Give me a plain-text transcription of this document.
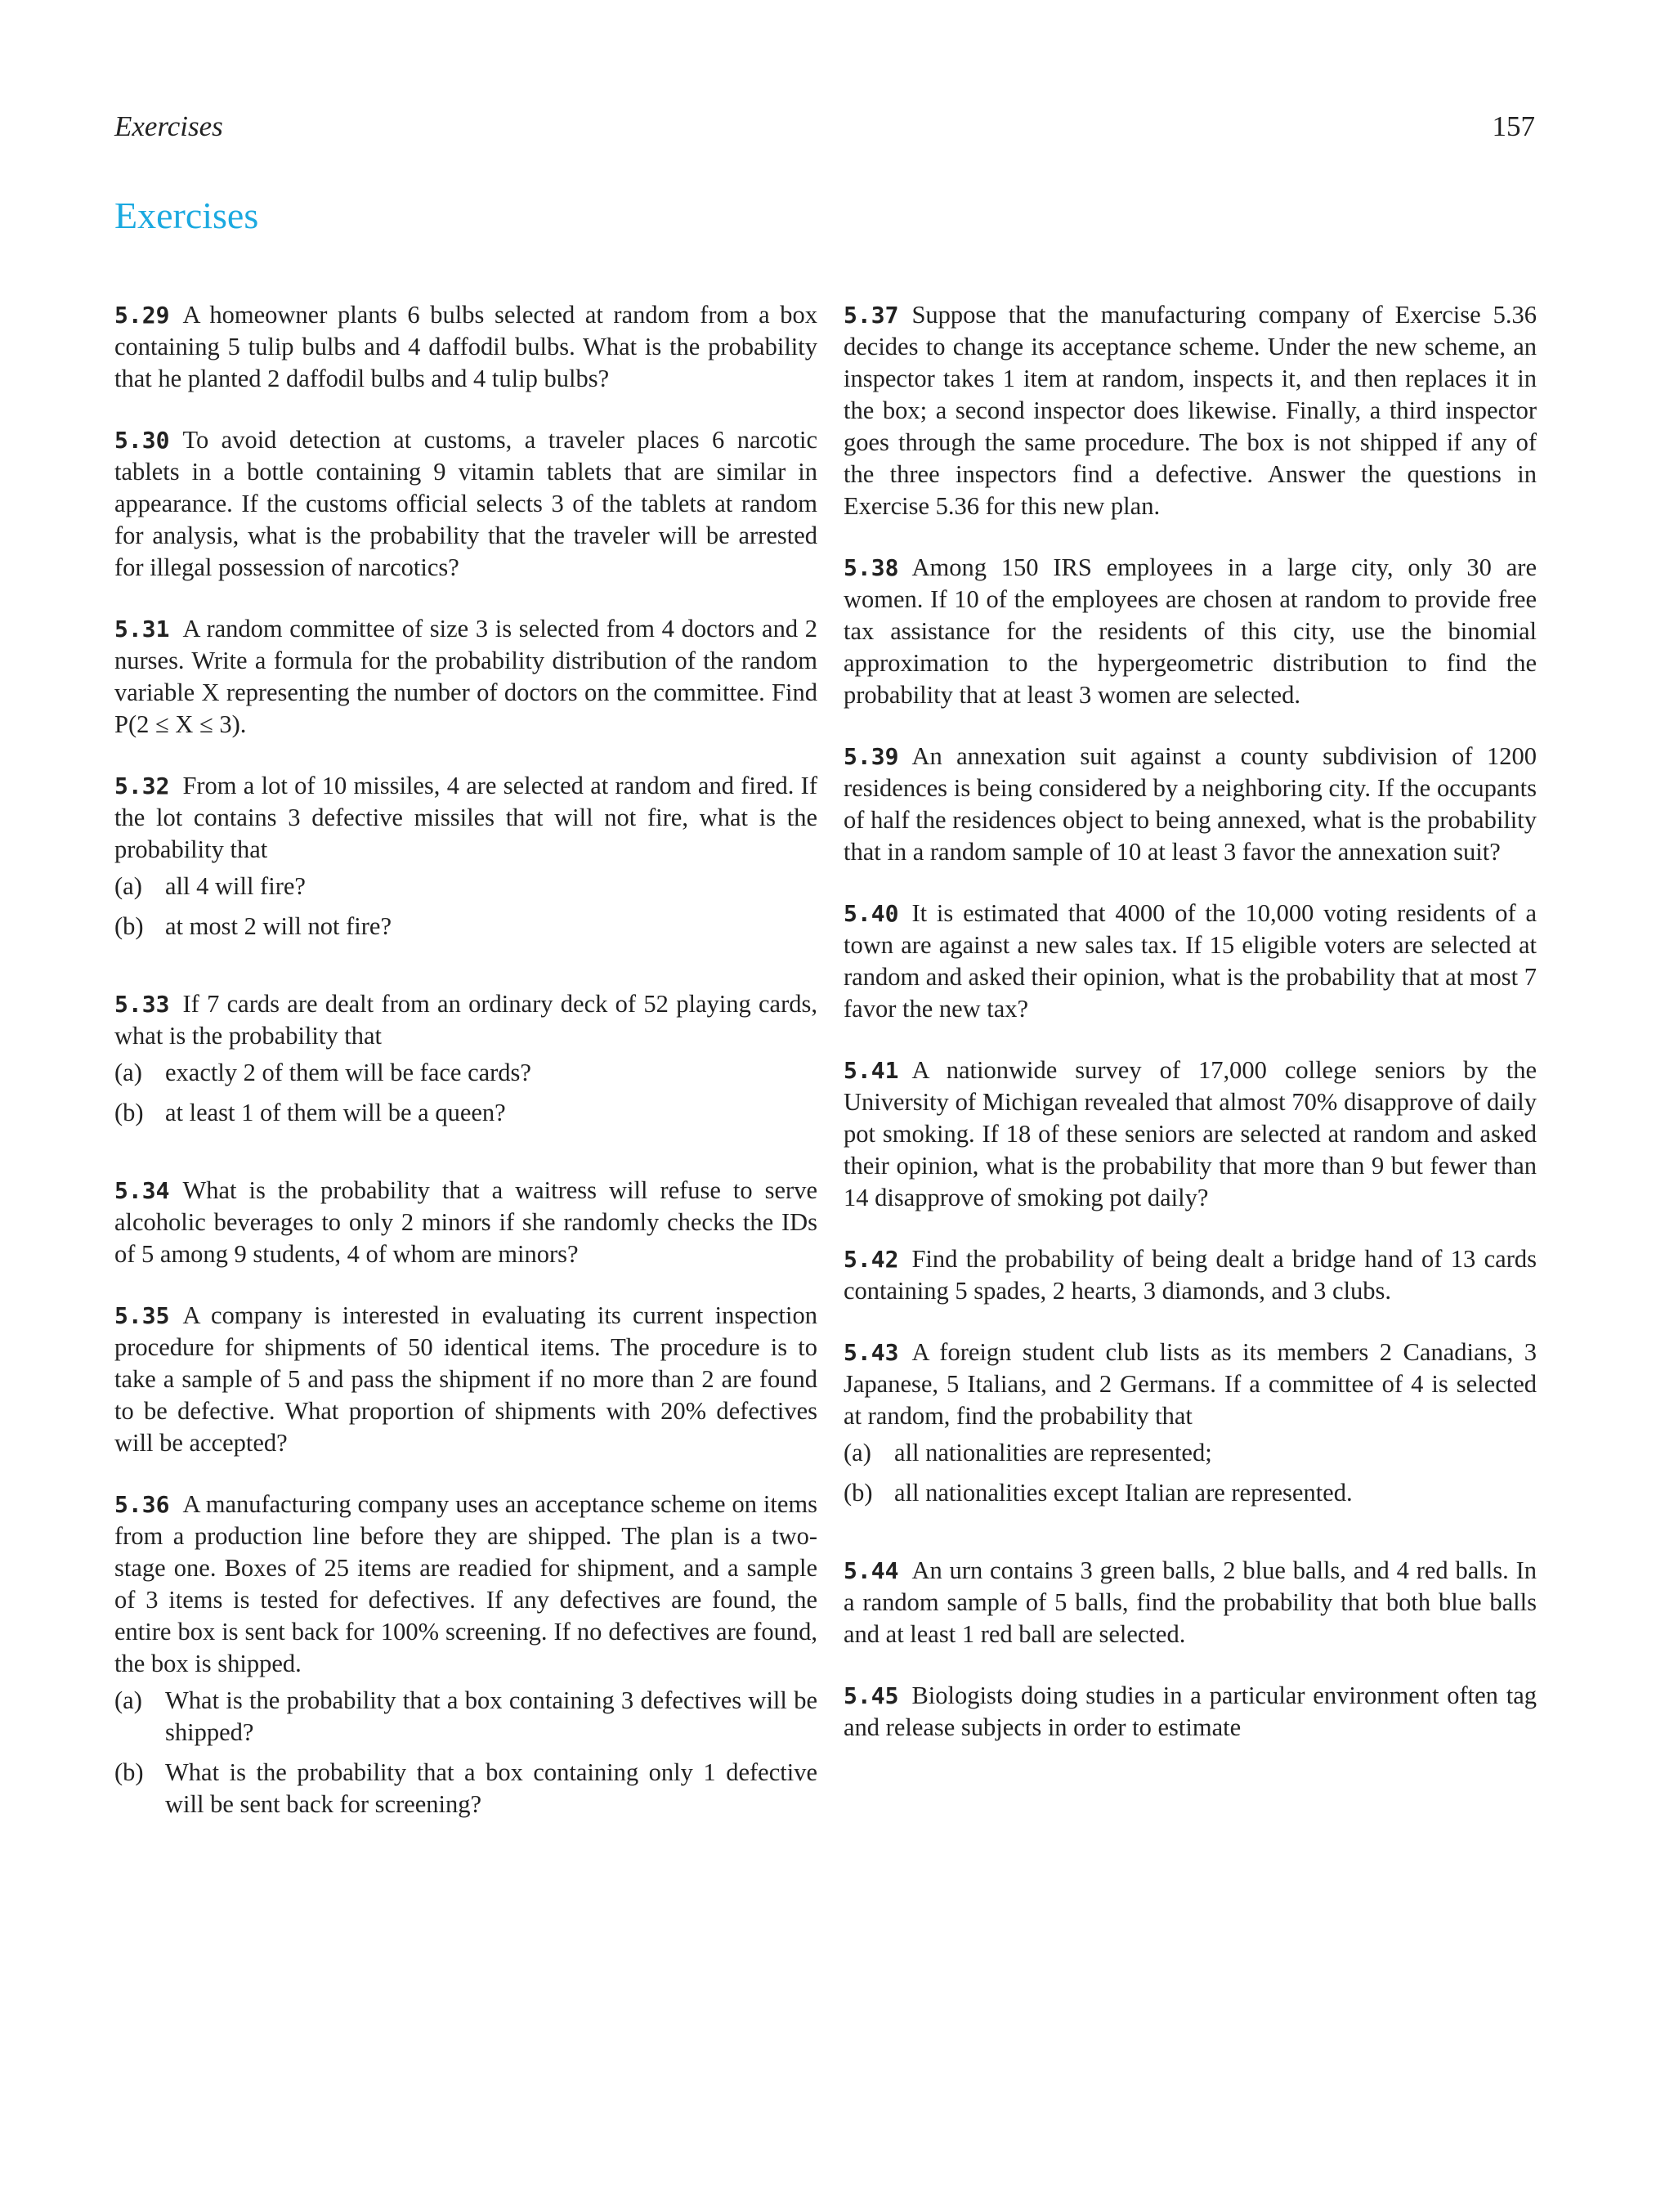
Exercises	157
Exercises
5.29 A homeowner plants 6 bulbs selected at random from a box containing 5 tulip bulbs and 4 daffodil bulbs. What is the probability that he planted 2 daffodil bulbs and 4 tulip bulbs?
5.30 To avoid detection at customs, a traveler places 6 narcotic tablets in a bottle containing 9 vitamin tablets that are similar in appearance. If the customs official selects 3 of the tablets at random for analysis, what is the probability that the traveler will be arrested for illegal possession of narcotics?
5.31 A random committee of size 3 is selected from 4 doctors and 2 nurses. Write a formula for the probability distribution of the random variable X representing the number of doctors on the committee. Find P(2 ≤ X ≤ 3).
5.32 From a lot of 10 missiles, 4 are selected at random and fired. If the lot contains 3 defective missiles that will not fire, what is the probability that
(a) all 4 will fire?
(b) at most 2 will not fire?
5.33 If 7 cards are dealt from an ordinary deck of 52 playing cards, what is the probability that
(a) exactly 2 of them will be face cards?
(b) at least 1 of them will be a queen?
5.34 What is the probability that a waitress will refuse to serve alcoholic beverages to only 2 minors if she randomly checks the IDs of 5 among 9 students, 4 of whom are minors?
5.35 A company is interested in evaluating its current inspection procedure for shipments of 50 identical items. The procedure is to take a sample of 5 and pass the shipment if no more than 2 are found to be defective. What proportion of shipments with 20% defectives will be accepted?
5.36 A manufacturing company uses an acceptance scheme on items from a production line before they are shipped. The plan is a two-stage one. Boxes of 25 items are readied for shipment, and a sample of 3 items is tested for defectives. If any defectives are found, the entire box is sent back for 100% screening. If no defectives are found, the box is shipped.
(a) What is the probability that a box containing 3 defectives will be shipped?
(b) What is the probability that a box containing only 1 defective will be sent back for screening?
5.37 Suppose that the manufacturing company of Exercise 5.36 decides to change its acceptance scheme. Under the new scheme, an inspector takes 1 item at random, inspects it, and then replaces it in the box; a second inspector does likewise. Finally, a third inspector goes through the same procedure. The box is not shipped if any of the three inspectors find a defective. Answer the questions in Exercise 5.36 for this new plan.
5.38 Among 150 IRS employees in a large city, only 30 are women. If 10 of the employees are chosen at random to provide free tax assistance for the residents of this city, use the binomial approximation to the hypergeometric distribution to find the probability that at least 3 women are selected.
5.39 An annexation suit against a county subdivision of 1200 residences is being considered by a neighboring city. If the occupants of half the residences object to being annexed, what is the probability that in a random sample of 10 at least 3 favor the annexation suit?
5.40 It is estimated that 4000 of the 10,000 voting residents of a town are against a new sales tax. If 15 eligible voters are selected at random and asked their opinion, what is the probability that at most 7 favor the new tax?
5.41 A nationwide survey of 17,000 college seniors by the University of Michigan revealed that almost 70% disapprove of daily pot smoking. If 18 of these seniors are selected at random and asked their opinion, what is the probability that more than 9 but fewer than 14 disapprove of smoking pot daily?
5.42 Find the probability of being dealt a bridge hand of 13 cards containing 5 spades, 2 hearts, 3 diamonds, and 3 clubs.
5.43 A foreign student club lists as its members 2 Canadians, 3 Japanese, 5 Italians, and 2 Germans. If a committee of 4 is selected at random, find the probability that
(a) all nationalities are represented;
(b) all nationalities except Italian are represented.
5.44 An urn contains 3 green balls, 2 blue balls, and 4 red balls. In a random sample of 5 balls, find the probability that both blue balls and at least 1 red ball are selected.
5.45 Biologists doing studies in a particular environment often tag and release subjects in order to estimate
